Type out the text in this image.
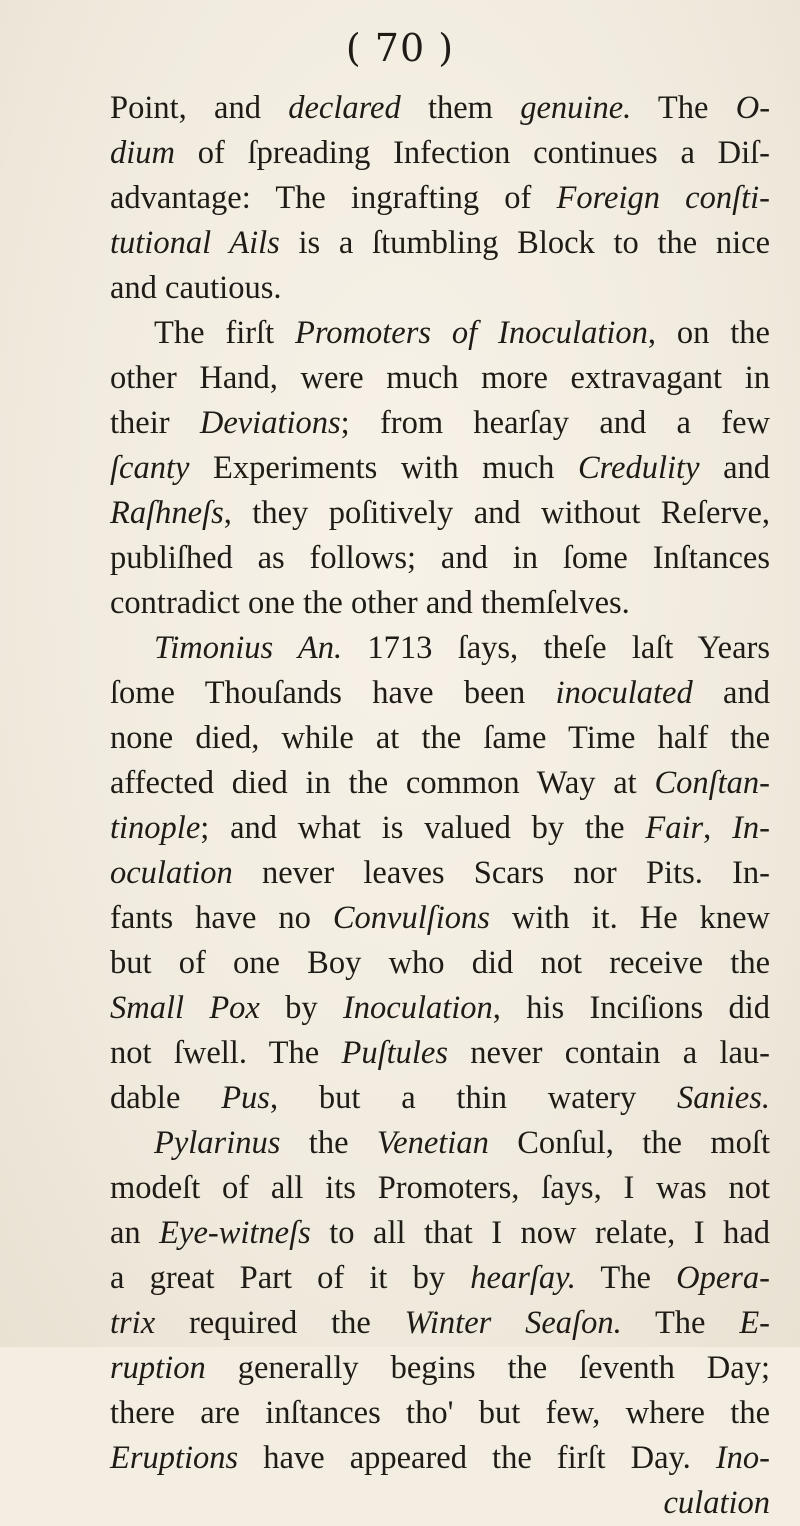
( 70 )
Point, and declared them genuine. The O-
dium of ſpreading Infection continues a Diſ-
advantage: The ingrafting of Foreign conſti-
tutional Ails is a ſtumbling Block to the nice
and cautious.
The firſt Promoters of Inoculation, on the
other Hand, were much more extravagant in
their Deviations; from hearſay and a few
ſcanty Experiments with much Credulity and
Raſhneſs, they poſitively and without Reſerve,
publiſhed as follows; and in ſome Inſtances
contradict one the other and themſelves.
Timonius An. 1713 ſays, theſe laſt Years
ſome Thouſands have been inoculated and
none died, while at the ſame Time half the
affected died in the common Way at Conſtan-
tinople; and what is valued by the Fair, In-
oculation never leaves Scars nor Pits. In-
fants have no Convulſions with it. He knew
but of one Boy who did not receive the
Small Pox by Inoculation, his Inciſions did
not ſwell. The Puſtules never contain a lau-
dable Pus, but a thin watery Sanies.
Pylarinus the Venetian Conſul, the moſt
modeſt of all its Promoters, ſays, I was not
an Eye-witneſs to all that I now relate, I had
a great Part of it by hearſay. The Opera-
trix required the Winter Seaſon. The E-
ruption generally begins the ſeventh Day;
there are inſtances tho' but few, where the
Eruptions have appeared the firſt Day. Ino-
culation
